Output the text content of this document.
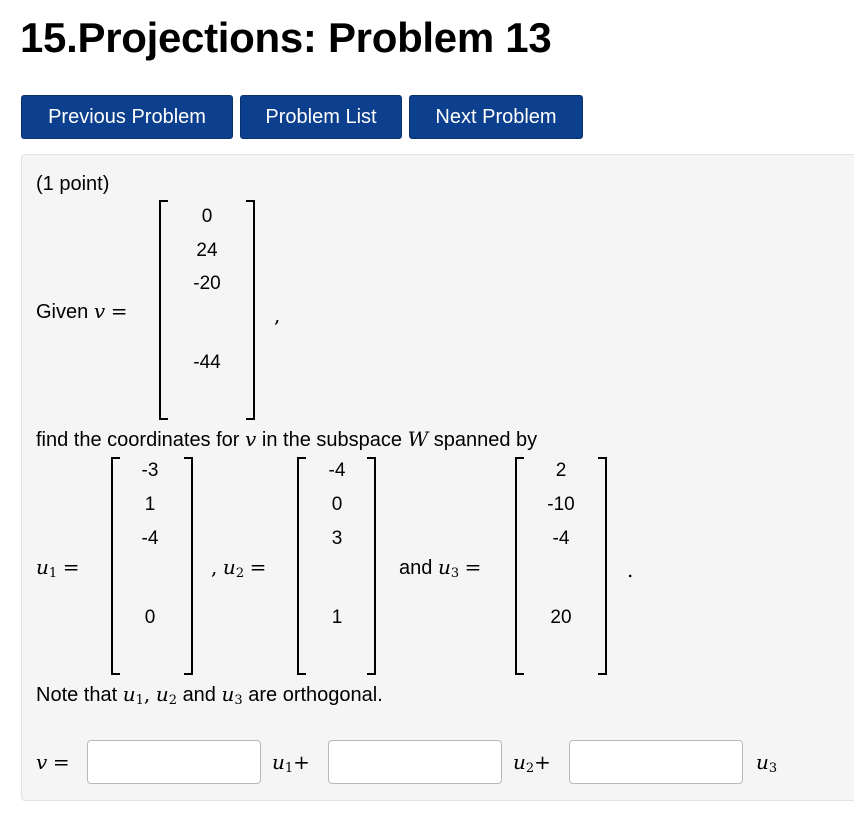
15.Projections: Problem 13
Previous Problem	Problem List	Next Problem
(1 point)
Given v =
0
24
-20
-44
,
find the coordinates for v in the subspace W spanned by
$u_1$ =
-3
1
-4
0
, $u_2$ =
-4
0
3
1
and $u_3$ =
2
-10
-4
20
.
Note that $u_1$, $u_2$ and $u_3$ are orthogonal.
v =	$u_1+$	$u_2+$	$u_3$
